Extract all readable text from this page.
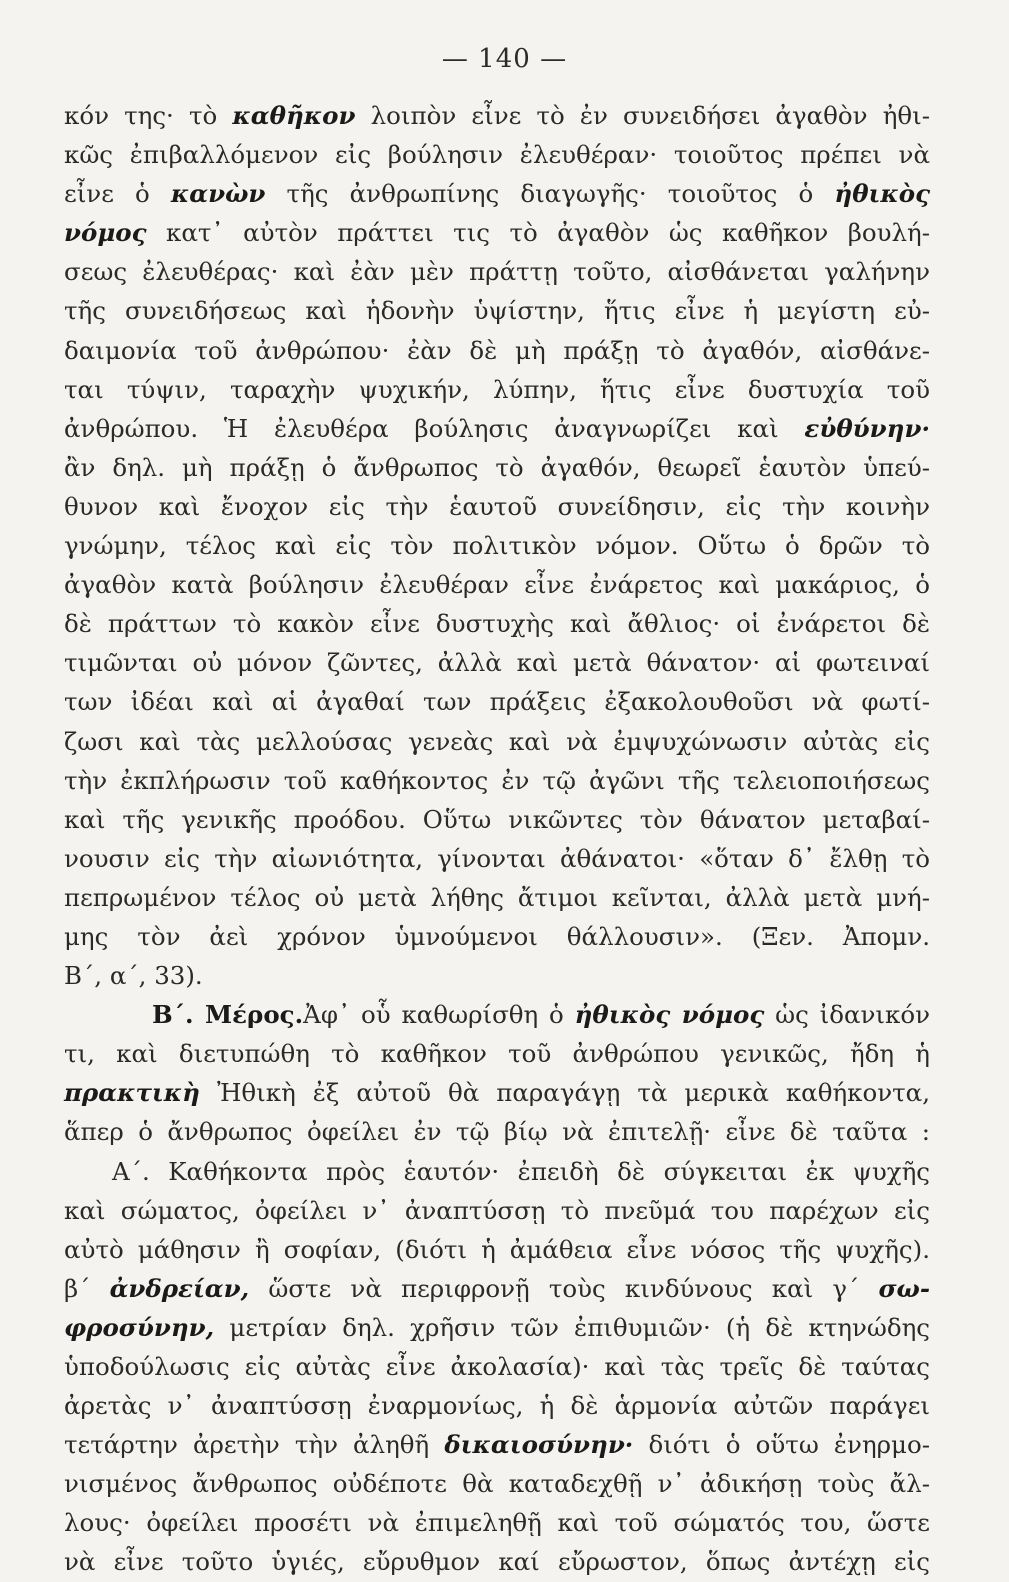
— 140 —
κόν της· τὸ καθῆκον λοιπὸν εἶνε τὸ ἐν συνειδήσει ἀγαθὸν ἠθι-
κῶς ἐπιβαλλόμενον εἰς βούλησιν ἐλευθέραν· τοιοῦτος πρέπει νὰ
εἶνε ὁ κανὼν τῆς ἀνθρωπίνης διαγωγῆς· τοιοῦτος ὁ ἠθικὸς
νόμος κατ᾿ αὐτὸν πράττει τις τὸ ἀγαθὸν ὡς καθῆκον βουλή-
σεως ἐλευθέρας· καὶ ἐὰν μὲν πράττῃ τοῦτο, αἰσθάνεται γαλήνην
τῆς συνειδήσεως καὶ ἡδονὴν ὑψίστην, ἥτις εἶνε ἡ μεγίστη εὐ-
δαιμονία τοῦ ἀνθρώπου· ἐὰν δὲ μὴ πράξῃ τὸ ἀγαθόν, αἰσθάνε-
ται τύψιν, ταραχὴν ψυχικήν, λύπην, ἥτις εἶνε δυστυχία τοῦ
ἀνθρώπου. Ἡ ἐλευθέρα βούλησις ἀναγνωρίζει καὶ εὐθύνην·
ἂν δηλ. μὴ πράξῃ ὁ ἄνθρωπος τὸ ἀγαθόν, θεωρεῖ ἑαυτὸν ὑπεύ-
θυνον καὶ ἔνοχον εἰς τὴν ἑαυτοῦ συνείδησιν, εἰς τὴν κοινὴν
γνώμην, τέλος καὶ εἰς τὸν πολιτικὸν νόμον. Οὕτω ὁ δρῶν τὸ
ἀγαθὸν κατὰ βούλησιν ἐλευθέραν εἶνε ἐνάρετος καὶ μακάριος, ὁ
δὲ πράττων τὸ κακὸν εἶνε δυστυχὴς καὶ ἄθλιος· οἱ ἐνάρετοι δὲ
τιμῶνται οὐ μόνον ζῶντες, ἀλλὰ καὶ μετὰ θάνατον· αἱ φωτειναί
των ἰδέαι καὶ αἱ ἀγαθαί των πράξεις ἐξακολουθοῦσι νὰ φωτί-
ζωσι καὶ τὰς μελλούσας γενεὰς καὶ νὰ ἐμψυχώνωσιν αὐτὰς εἰς
τὴν ἐκπλήρωσιν τοῦ καθήκοντος ἐν τῷ ἀγῶνι τῆς τελειοποιήσεως
καὶ τῆς γενικῆς προόδου. Οὕτω νικῶντες τὸν θάνατον μεταβαί-
νουσιν εἰς τὴν αἰωνιότητα, γίνονται ἀθάνατοι· «ὅταν δ᾿ ἔλθῃ τὸ
πεπρωμένον τέλος οὐ μετὰ λήθης ἄτιμοι κεῖνται, ἀλλὰ μετὰ μνή-
μης τὸν ἀεὶ χρόνον ὑμνούμενοι θάλλουσιν». (Ξεν. Ἀπομν.
Β΄, α΄, 33).
Β΄. Μέρος.Ἀφ᾿ οὗ καθωρίσθη ὁ ἠθικὸς νόμος ὡς ἰδανικόν
τι, καὶ διετυπώθη τὸ καθῆκον τοῦ ἀνθρώπου γενικῶς, ἤδη ἡ
πρακτικὴ Ἠθικὴ ἐξ αὐτοῦ θὰ παραγάγῃ τὰ μερικὰ καθήκοντα,
ἅπερ ὁ ἄνθρωπος ὀφείλει ἐν τῷ βίῳ νὰ ἐπιτελῇ· εἶνε δὲ ταῦτα :
Α΄. Καθήκοντα πρὸς ἑαυτόν· ἐπειδὴ δὲ σύγκειται ἐκ ψυχῆς
καὶ σώματος, ὀφείλει ν᾿ ἀναπτύσσῃ τὸ πνεῦμά του παρέχων εἰς
αὐτὸ μάθησιν ἢ σοφίαν, (διότι ἡ ἀμάθεια εἶνε νόσος τῆς ψυχῆς).
β΄ ἀνδρείαν, ὥστε νὰ περιφρονῇ τοὺς κινδύνους καὶ γ΄ σω-
φροσύνην, μετρίαν δηλ. χρῆσιν τῶν ἐπιθυμιῶν· (ἡ δὲ κτηνώδης
ὑποδούλωσις εἰς αὐτὰς εἶνε ἀκολασία)· καὶ τὰς τρεῖς δὲ ταύτας
ἀρετὰς ν᾿ ἀναπτύσσῃ ἐναρμονίως, ἡ δὲ ἁρμονία αὐτῶν παράγει
τετάρτην ἀρετὴν τὴν ἀληθῆ δικαιοσύνην· διότι ὁ οὕτω ἐνηρμο-
νισμένος ἄνθρωπος οὐδέποτε θὰ καταδεχθῇ ν᾿ ἀδικήσῃ τοὺς ἄλ-
λους· ὀφείλει προσέτι νὰ ἐπιμεληθῇ καὶ τοῦ σώματός του, ὥστε
νὰ εἶνε τοῦτο ὑγιές, εὔρυθμον καί εὔρωστον, ὅπως ἀντέχῃ εἰς
